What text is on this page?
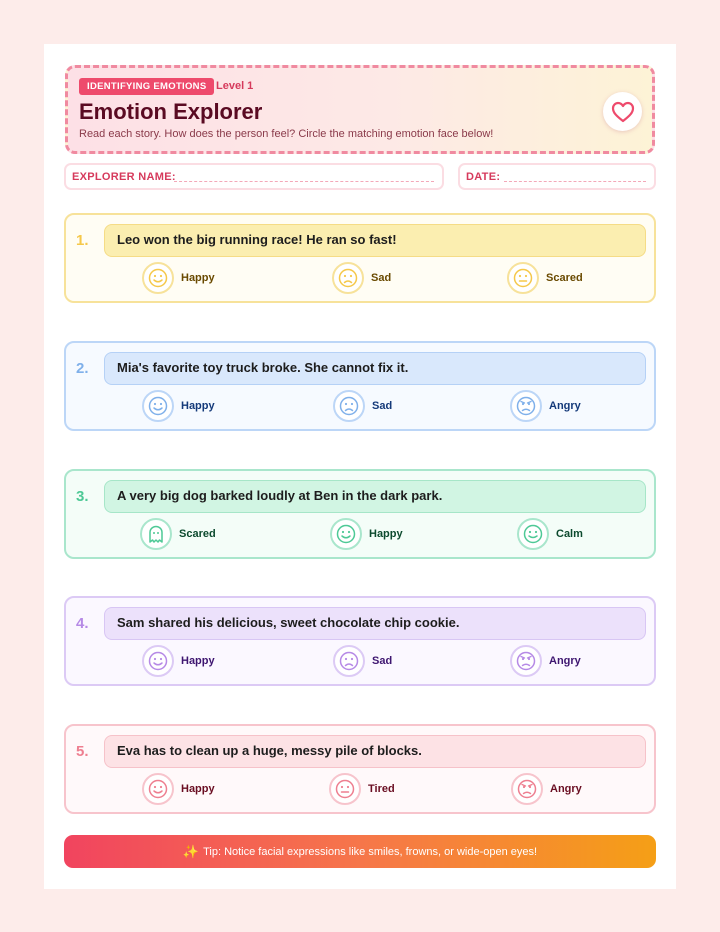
IDENTIFYING EMOTIONS Level 1
Emotion Explorer
Read each story. How does the person feel? Circle the matching emotion face below!
EXPLORER NAME:	DATE:
1.	Leo won the big running race! He ran so fast!
Happy	Sad	Scared
2.	Mia's favorite toy truck broke. She cannot fix it.
Happy	Sad	Angry
3.	A very big dog barked loudly at Ben in the dark park.
Scared	Happy	Calm
4.	Sam shared his delicious, sweet chocolate chip cookie.
Happy	Sad	Angry
5.	Eva has to clean up a huge, messy pile of blocks.
Happy	Tired	Angry
✨ Tip: Notice facial expressions like smiles, frowns, or wide-open eyes!
